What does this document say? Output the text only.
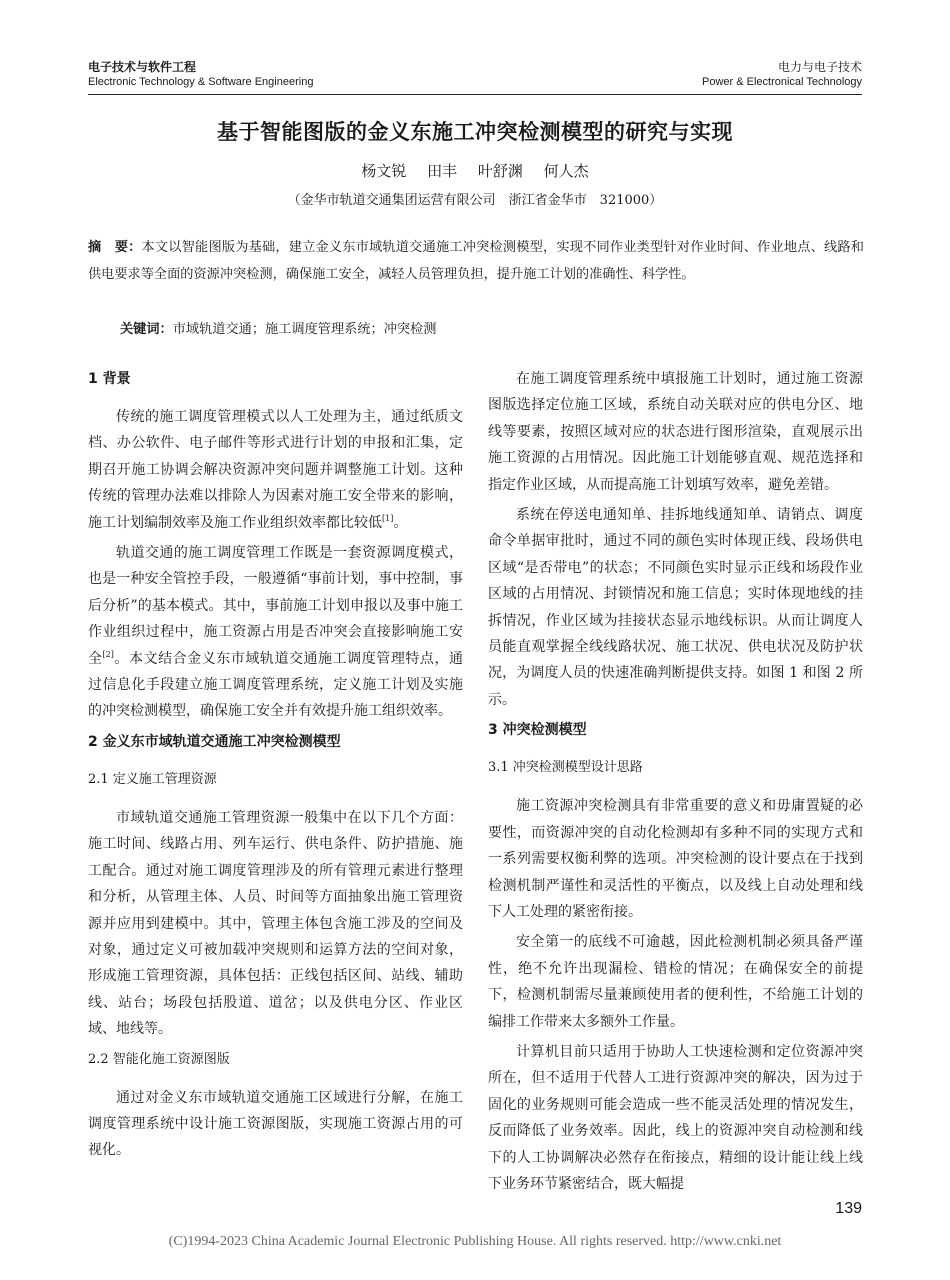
电子技术与软件工程
Electronic Technology & Software Engineering
电力与电子技术
Power & Electronical Technology
基于智能图版的金义东施工冲突检测模型的研究与实现
杨文锐 田丰 叶舒渊 何人杰
（金华市轨道交通集团运营有限公司　浙江省金华市　321000）
摘　要：本文以智能图版为基础，建立金义东市域轨道交通施工冲突检测模型，实现不同作业类型针对作业时间、作业地点、线路和供电要求等全面的资源冲突检测，确保施工安全，减轻人员管理负担，提升施工计划的准确性、科学性。
关键词：市域轨道交通；施工调度管理系统；冲突检测
1 背景

传统的施工调度管理模式以人工处理为主，通过纸质文档、办公软件、电子邮件等形式进行计划的申报和汇集，定期召开施工协调会解决资源冲突问题并调整施工计划。这种传统的管理办法难以排除人为因素对施工安全带来的影响，施工计划编制效率及施工作业组织效率都比较低[1]。

轨道交通的施工调度管理工作既是一套资源调度模式，也是一种安全管控手段，一般遵循“事前计划，事中控制，事后分析”的基本模式。其中，事前施工计划申报以及事中施工作业组织过程中，施工资源占用是否冲突会直接影响施工安全[2]。本文结合金义东市域轨道交通施工调度管理特点，通过信息化手段建立施工调度管理系统，定义施工计划及实施的冲突检测模型，确保施工安全并有效提升施工组织效率。

2 金义东市域轨道交通施工冲突检测模型
2.1 定义施工管理资源

市域轨道交通施工管理资源一般集中在以下几个方面：施工时间、线路占用、列车运行、供电条件、防护措施、施工配合。通过对施工调度管理涉及的所有管理元素进行整理和分析，从管理主体、人员、时间等方面抽象出施工管理资源并应用到建模中。其中，管理主体包含施工涉及的空间及对象，通过定义可被加载冲突规则和运算方法的空间对象，形成施工管理资源，具体包括：正线包括区间、站线、辅助线、站台；场段包括股道、道岔；以及供电分区、作业区域、地线等。

2.2 智能化施工资源图版

通过对金义东市域轨道交通施工区域进行分解，在施工调度管理系统中设计施工资源图版，实现施工资源占用的可视化。

在施工调度管理系统中填报施工计划时，通过施工资源图版选择定位施工区域，系统自动关联对应的供电分区、地线等要素，按照区域对应的状态进行图形渲染，直观展示出施工资源的占用情况。因此施工计划能够直观、规范选择和指定作业区域，从而提高施工计划填写效率，避免差错。

系统在停送电通知单、挂拆地线通知单、请销点、调度命令单据审批时，通过不同的颜色实时体现正线、段场供电区域“是否带电”的状态；不同颜色实时显示正线和场段作业区域的占用情况、封锁情况和施工信息；实时体现地线的挂拆情况，作业区域为挂接状态显示地线标识。从而让调度人员能直观掌握全线线路状况、施工状况、供电状况及防护状况，为调度人员的快速准确判断提供支持。如图 1 和图 2 所示。

3 冲突检测模型
3.1 冲突检测模型设计思路

施工资源冲突检测具有非常重要的意义和毋庸置疑的必要性，而资源冲突的自动化检测却有多种不同的实现方式和一系列需要权衡利弊的选项。冲突检测的设计要点在于找到检测机制严谨性和灵活性的平衡点，以及线上自动处理和线下人工处理的紧密衔接。

安全第一的底线不可逾越，因此检测机制必须具备严谨性，绝不允许出现漏检、错检的情况；在确保安全的前提下，检测机制需尽量兼顾使用者的便利性，不给施工计划的编排工作带来太多额外工作量。

计算机目前只适用于协助人工快速检测和定位资源冲突所在，但不适用于代替人工进行资源冲突的解决，因为过于固化的业务规则可能会造成一些不能灵活处理的情况发生，反而降低了业务效率。因此，线上的资源冲突自动检测和线下的人工协调解决必然存在衔接点，精细的设计能让线上线下业务环节紧密结合，既大幅提

139
(C)1994-2023 China Academic Journal Electronic Publishing House. All rights reserved. http://www.cnki.net
